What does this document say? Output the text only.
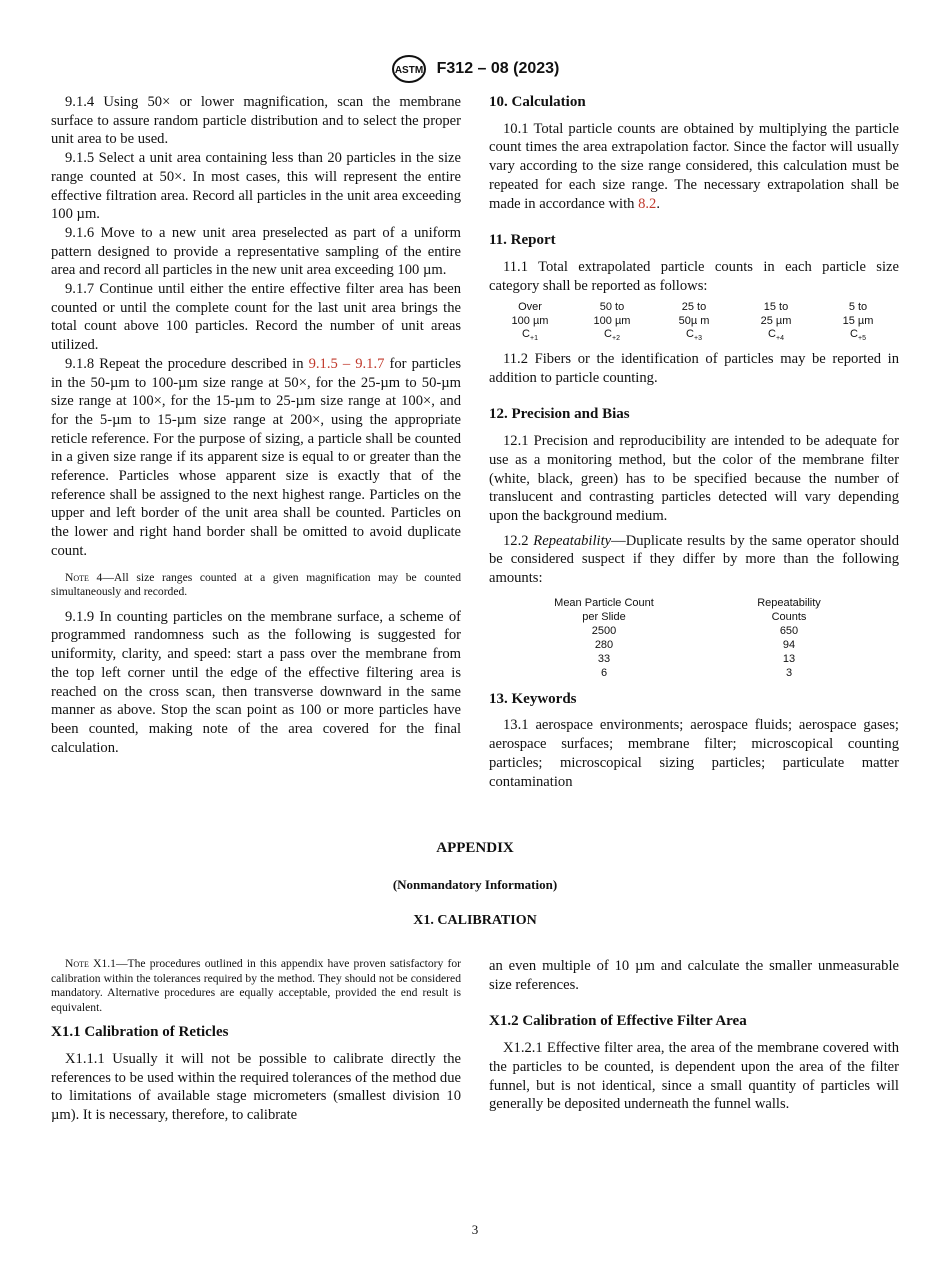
ASTM F312 – 08 (2023)

9.1.4 Using 50× or lower magnification, scan the membrane surface to assure random particle distribution and to select the proper unit area to be used.

9.1.5 Select a unit area containing less than 20 particles in the size range counted at 50×. In most cases, this will represent the entire effective filtration area. Record all particles in the unit area exceeding 100 µm.

9.1.6 Move to a new unit area preselected as part of a uniform pattern designed to provide a representative sampling of the entire area and record all particles in the new unit area exceeding 100 µm.

9.1.7 Continue until either the entire effective filter area has been counted or until the complete count for the last unit area brings the total count above 100 particles. Record the number of unit areas utilized.

9.1.8 Repeat the procedure described in 9.1.5 – 9.1.7 for particles in the 50-µm to 100-µm size range at 50×, for the 25-µm to 50-µm size range at 100×, for the 15-µm to 25-µm size range at 100×, and for the 5-µm to 15-µm size range at 200×, using the appropriate reticle reference. For the purpose of sizing, a particle shall be counted in a given size range if its apparent size is equal to or greater than the reference. Particles whose apparent size is exactly that of the reference shall be assigned to the next highest range. Particles on the upper and left border of the unit area shall be counted. Particles on the lower and right hand border shall be omitted to avoid duplicate count.

Note 4—All size ranges counted at a given magnification may be counted simultaneously and recorded.

9.1.9 In counting particles on the membrane surface, a scheme of programmed randomness such as the following is suggested for uniformity, clarity, and speed: start a pass over the membrane from the top left corner until the edge of the effective filtering area is reached on the cross scan, then transverse downward in the same manner as above. Stop the scan point as 100 or more particles have been counted, making note of the area covered for the final calculation.

10. Calculation

10.1 Total particle counts are obtained by multiplying the particle count times the area extrapolation factor. Since the factor will usually vary according to the size range considered, this calculation must be repeated for each size range. The necessary extrapolation shall be made in accordance with 8.2.

11. Report

11.1 Total extrapolated particle counts in each particle size category shall be reported as follows:

Over	50 to	25 to	15 to	5 to
100 µm	100 µm	50µ m	25 µm	15 µm
$C_{+1}$	$C_{+2}$	$C_{+3}$	$C_{+4}$	$C_{+5}$

11.2 Fibers or the identification of particles may be reported in addition to particle counting.

12. Precision and Bias

12.1 Precision and reproducibility are intended to be adequate for use as a monitoring method, but the color of the membrane filter (white, black, green) has to be specified because the number of translucent and contrasting particles detected will vary depending upon the background medium.

12.2 Repeatability—Duplicate results by the same operator should be considered suspect if they differ by more than the following amounts:

Mean Particle Count	Repeatability
per Slide	Counts
2500	650
280	94
33	13
6	3
13. Keywords

13.1 aerospace environments; aerospace fluids; aerospace gases; aerospace surfaces; membrane filter; microscopical counting particles; microscopical sizing particles; particulate matter contamination

APPENDIX
(Nonmandatory Information)
X1. CALIBRATION

Note X1.1—The procedures outlined in this appendix have proven satisfactory for calibration within the tolerances required by the method. They should not be considered mandatory. Alternative procedures are equally acceptable, provided the end result is equivalent.

X1.1 Calibration of Reticles

X1.1.1 Usually it will not be possible to calibrate directly the references to be used within the required tolerances of the method due to limitations of available stage micrometers (smallest division 10 µm). It is necessary, therefore, to calibrate

an even multiple of 10 µm and calculate the smaller unmeasurable size references.

X1.2 Calibration of Effective Filter Area

X1.2.1 Effective filter area, the area of the membrane covered with the particles to be counted, is dependent upon the area of the filter funnel, but is not identical, since a small quantity of particles will generally be deposited underneath the funnel walls.

3
